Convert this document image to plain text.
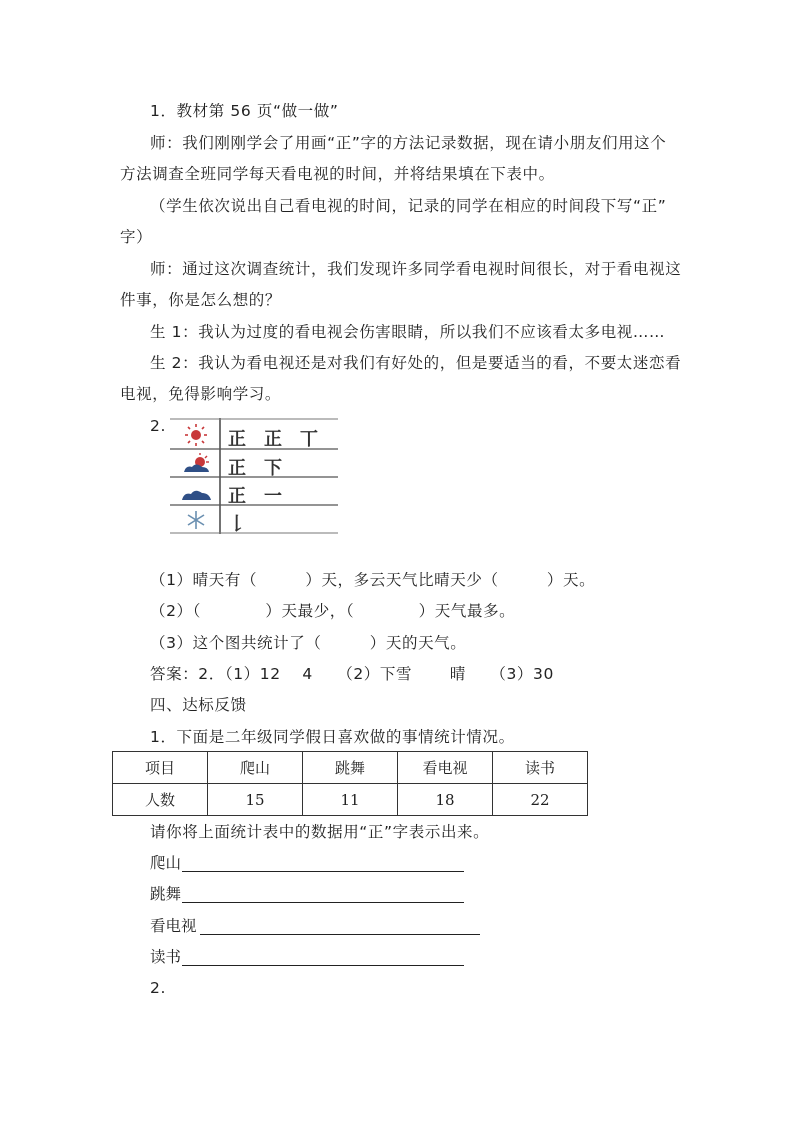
1．教材第 56 页“做一做”
师：我们刚刚学会了用画“正”字的方法记录数据，现在请小朋友们用这个
方法调查全班同学每天看电视的时间，并将结果填在下表中。
（学生依次说出自己看电视的时间，记录的同学在相应的时间段下写“正”
字）
师：通过这次调查统计，我们发现许多同学看电视时间很长，对于看电视这
件事，你是怎么想的？
生 1：我认为过度的看电视会伤害眼睛，所以我们不应该看太多电视……
生 2：我认为看电视还是对我们有好处的，但是要适当的看，不要太迷恋看
电视，免得影响学习。
2.
正 正 丅
正 下
正 一
𠄌
（1）晴天有（　　　）天，多云天气比晴天少（　　　）天。
（2）（　　　　）天最少，（　　　　）天气最多。
（3）这个图共统计了（　　　）天的天气。
答案：2．（1）12　 4　　（2）下雪　　 晴　　（3）30
四、达标反馈
1．下面是二年级同学假日喜欢做的事情统计情况。
项目	爬山	跳舞	看电视	读书
人数	15	11	18	22
请你将上面统计表中的数据用“正”字表示出来。
爬山
跳舞
看电视
读书
2.
